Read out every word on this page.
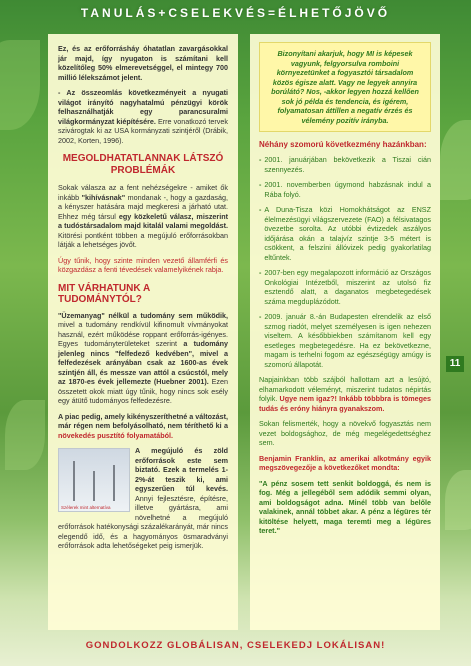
TANULÁS+CSELEKVÉS=ÉLHETŐJÖVŐ

Ez, és az erőforrásháy óhatatlan zavargásokkal jár majd, így nyugaton is számítani kell közelítőleg 50% elmerevetséggel, el mintegy 700 millió lélekszámot jelent.

- Az összeomlás következményeit a nyugati világot irányító nagyhatalmú pénzügyi körök felhasználhatják egy parancsuralmi világkormányzat kiépítésére. Erre vonatkozó tervek szivárogtak ki az USA kormányzati szintjéről (Drábik, 2002, Korten, 1996).

MEGOLDHATATLANNAK LÁTSZÓ PROBLÉMÁK

Sokak válasza az a fent nehézségekre - amiket ők inkább "kihívásnak" mondanak -, hogy a gazdaság, a kényszer hatására majd megkeresi a járható utat. Ehhez még társul egy közkeletű válasz, miszerint a tudóstársadalom majd kitalál valami megoldást. Kitörési pontként többen a megújuló erőforrásokban látják a lehetséges jövőt.

Úgy tűnik, hogy szinte minden vezető államférfi és közgazdász a fenti tévedések valamelyikének rabja.

MIT VÁRHATUNK A TUDOMÁNYTÓL?

"Üzemanyag" nélkül a tudomány sem működik, mivel a tudomány rendkívül kifinomult vívmányokat használ, ezért működése roppant erőforrás-igényes. Egyes tudományterületeket szerint a tudomány jelenleg nincs "felfedező kedvében", mivel a felfedezések arányában csak az 1600-as évek szintjén áll, és messze van attól a csúcstól, mely az 1870-es évek jellemezte (Huebner 2001). Ezen összetett okok miatt úgy tűnik, hogy nincs sok esély egy átütő tudományos felfedezésre.

A piac pedig, amely kikényszeríthetné a változást, már régen nem befolyásolható, nem téríthető ki a növekedés pusztító folyamatából.

Szélerek mint alternatíva

A megújuló és zöld erőforrások este sem biztató. Ezek a termelés 1-2%-át teszik ki, ami egyszerűen túl kevés. Annyi fejlesztésre, építésre, illetve gyártásra, ami növelhetné a megújuló erőforrások hatékonysági százalékarányát, már nincs elegendő idő, és a hagyományos ösmaradványi erőforrások adta lehetőségeket peig ismerjük.

Bizonyítani akarjuk, hogy MI is képesek vagyunk, felgyorsulva romboini környezetünket a fogyasztói társadalom közös égisze alatt. Vagy ne legyek annyira borúlátó? Nos, -akkor legyen hozzá kellően sok jó példa és tendencia, és igérem, folyamatosan áttíllen a negatív érzés és vélemény pozitív irányba.

Néhány szomorú következmény hazánkban:
- 2001. januárjában bekövetkezik a Tiszai cián szennyezés.

- 2001. novemberben úgymond habzásnak indul a Rába folyó.

- A Duna-Tisza közi Homokhátságot az ENSZ élelmezésügyi világszervezete (FAO) a félsivatagos övezetbe sorolta. Az utóbbi évtizedek aszályos időjárása okán a talajvíz szintje 3-5 métert is csökkent, a felszíni állóvizek pedig gyakorlatilag eltűntek.

- 2007-ben egy megalapozott információ az Országos Onkológiai Intézetből, miszerint az utolsó fiz esztendő alatt, a daganatos megbetegedések száma megduplázódott.

- 2009. január 8.-án Budapesten elrendelik az első szmog riadót, melyet személyesen is igen nehezen viseltem. A későbbiekben számítanom kell egy esetleges megbetegedésre. Ha ez bekövetkezne, magam is terhelni fogom az egészségügy amúgy is szomorú állapotát.

Napjainkban több szájból hallottam azt a lesújtó, elhamarkodott véleményt, miszerint tudatos népirtás folyik. Ugye nem igaz?! Inkább többbra is tömeges tudás és eróny hiányra gyanakszom.

Sokan felismerték, hogy a növekvő fogyasztás nem vezet boldogsághoz, de még megelégedettséghez sem.

Benjamin Franklin, az amerikai alkotmány egyik megszövegezője a következőket mondta:

"A pénz sosem tett senkit boldoggá, és nem is fog. Még a jellegéből sem adódik semmi olyan, ami boldogságot adna. Minél több van belőle valakinek, annál többet akar. A pénz a légüres tér kitöltése helyett, maga teremti meg a légüres teret."

11
GONDOLKOZZ GLOBÁLISAN, CSELEKEDJ LOKÁLISAN!
